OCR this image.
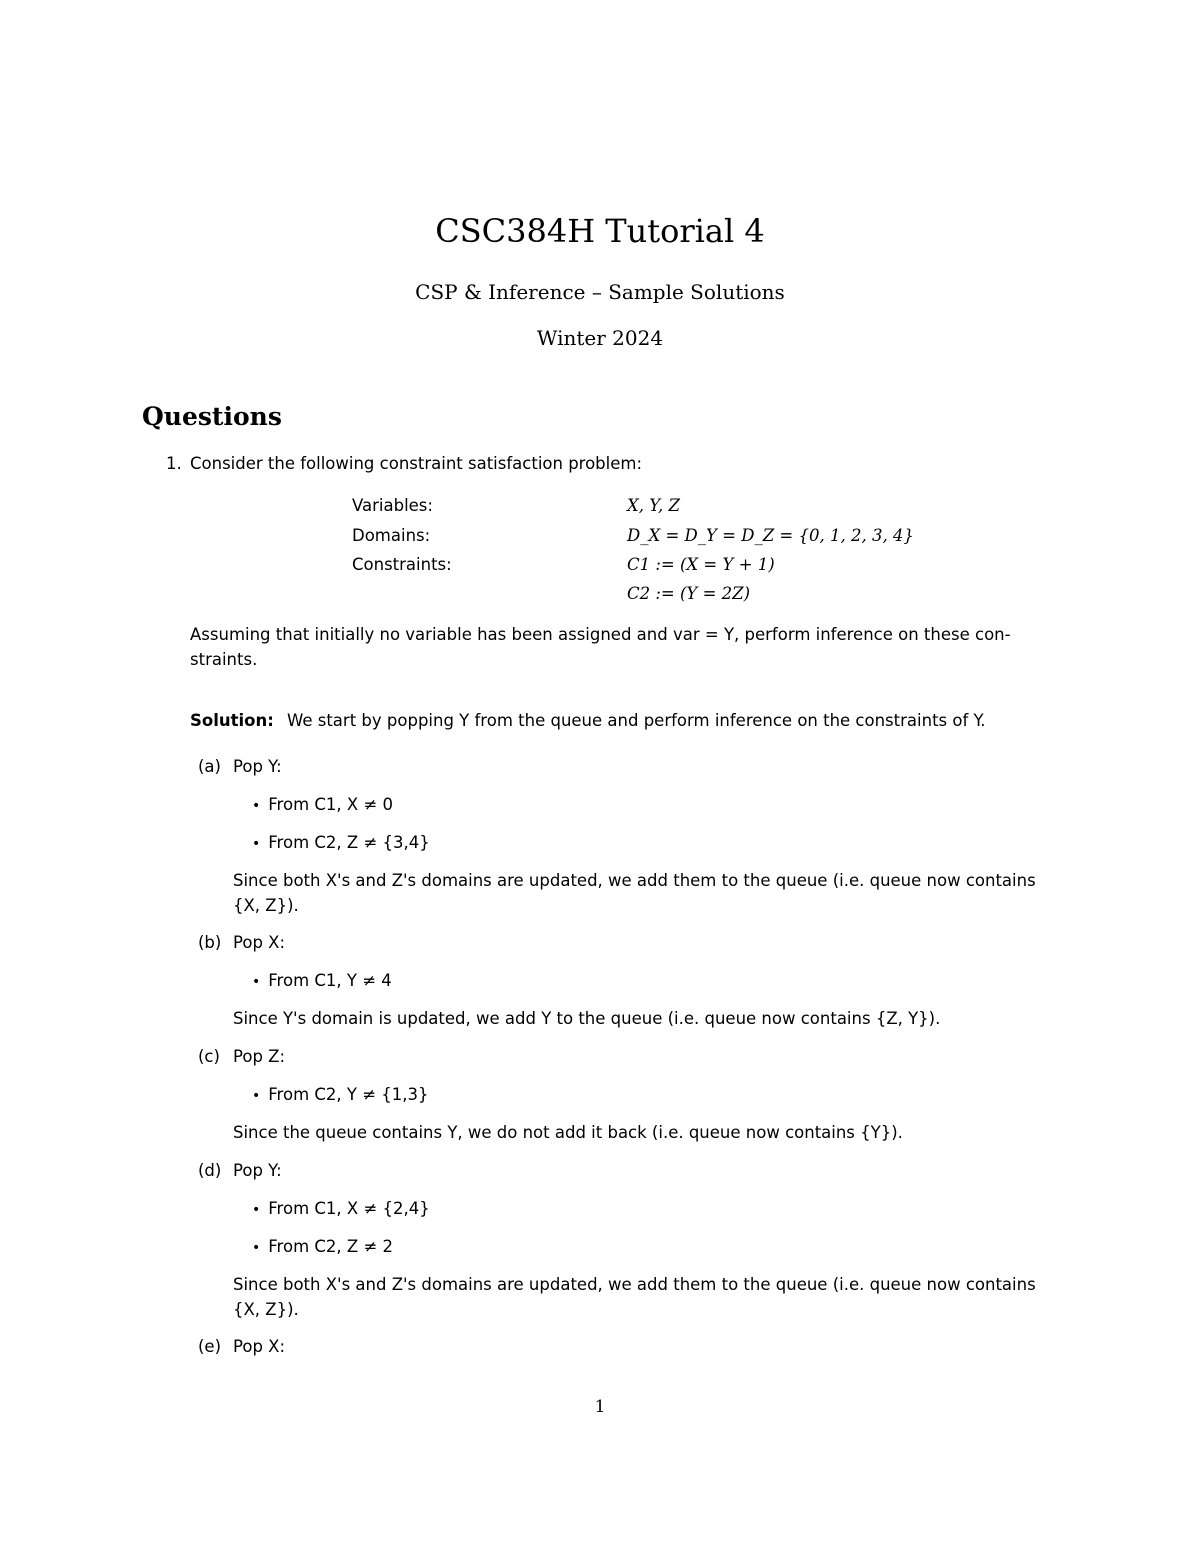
CSC384H Tutorial 4
CSP & Inference – Sample Solutions
Winter 2024
Questions
1. Consider the following constraint satisfaction problem:
Variables:	X, Y, Z
Domains:	D_X = D_Y = D_Z = {0, 1, 2, 3, 4}
Constraints:	C1 := (X = Y + 1)
C2 := (Y = 2Z)
Assuming that initially no variable has been assigned and var = Y, perform inference on these con-
straints.
Solution: We start by popping Y from the queue and perform inference on the constraints of Y.
(a) Pop Y:
• From C1, X ≠ 0
• From C2, Z ≠ {3,4}
Since both X's and Z's domains are updated, we add them to the queue (i.e. queue now contains
{X, Z}).
(b) Pop X:
• From C1, Y ≠ 4
Since Y's domain is updated, we add Y to the queue (i.e. queue now contains {Z, Y}).
(c) Pop Z:
• From C2, Y ≠ {1,3}
Since the queue contains Y, we do not add it back (i.e. queue now contains {Y}).
(d) Pop Y:
• From C1, X ≠ {2,4}
• From C2, Z ≠ 2
Since both X's and Z's domains are updated, we add them to the queue (i.e. queue now contains
{X, Z}).
(e) Pop X:
1
